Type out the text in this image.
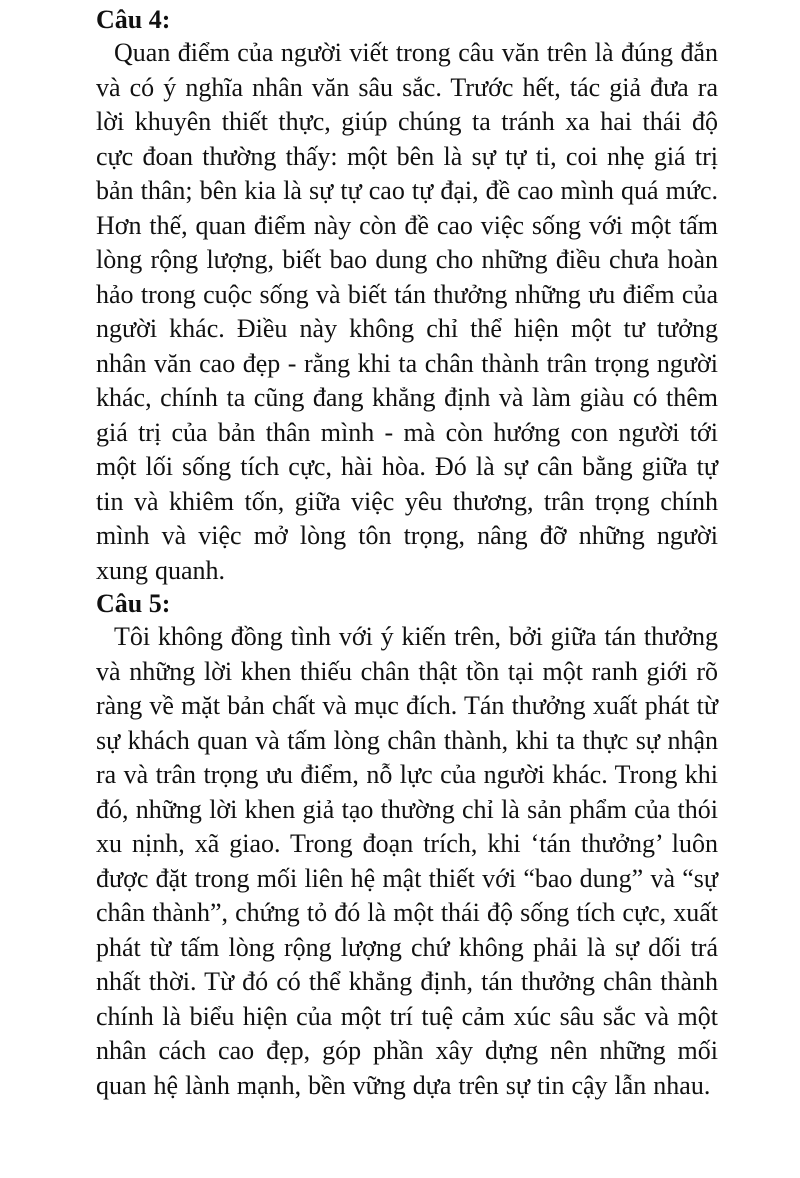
Câu 4:

Quan điểm của người viết trong câu văn trên là đúng đắn và có ý nghĩa nhân văn sâu sắc. Trước hết, tác giả đưa ra lời khuyên thiết thực, giúp chúng ta tránh xa hai thái độ cực đoan thường thấy: một bên là sự tự ti, coi nhẹ giá trị bản thân; bên kia là sự tự cao tự đại, đề cao mình quá mức. Hơn thế, quan điểm này còn đề cao việc sống với một tấm lòng rộng lượng, biết bao dung cho những điều chưa hoàn hảo trong cuộc sống và biết tán thưởng những ưu điểm của người khác. Điều này không chỉ thể hiện một tư tưởng nhân văn cao đẹp - rằng khi ta chân thành trân trọng người khác, chính ta cũng đang khẳng định và làm giàu có thêm giá trị của bản thân mình - mà còn hướng con người tới một lối sống tích cực, hài hòa. Đó là sự cân bằng giữa tự tin và khiêm tốn, giữa việc yêu thương, trân trọng chính mình và việc mở lòng tôn trọng, nâng đỡ những người xung quanh.

Câu 5:

Tôi không đồng tình với ý kiến trên, bởi giữa tán thưởng và những lời khen thiếu chân thật tồn tại một ranh giới rõ ràng về mặt bản chất và mục đích. Tán thưởng xuất phát từ sự khách quan và tấm lòng chân thành, khi ta thực sự nhận ra và trân trọng ưu điểm, nỗ lực của người khác. Trong khi đó, những lời khen giả tạo thường chỉ là sản phẩm của thói xu nịnh, xã giao. Trong đoạn trích, khi ‘tán thưởng’ luôn được đặt trong mối liên hệ mật thiết với “bao dung” và “sự chân thành”, chứng tỏ đó là một thái độ sống tích cực, xuất phát từ tấm lòng rộng lượng chứ không phải là sự dối trá nhất thời. Từ đó có thể khẳng định, tán thưởng chân thành chính là biểu hiện của một trí tuệ cảm xúc sâu sắc và một nhân cách cao đẹp, góp phần xây dựng nên những mối quan hệ lành mạnh, bền vững dựa trên sự tin cậy lẫn nhau.
